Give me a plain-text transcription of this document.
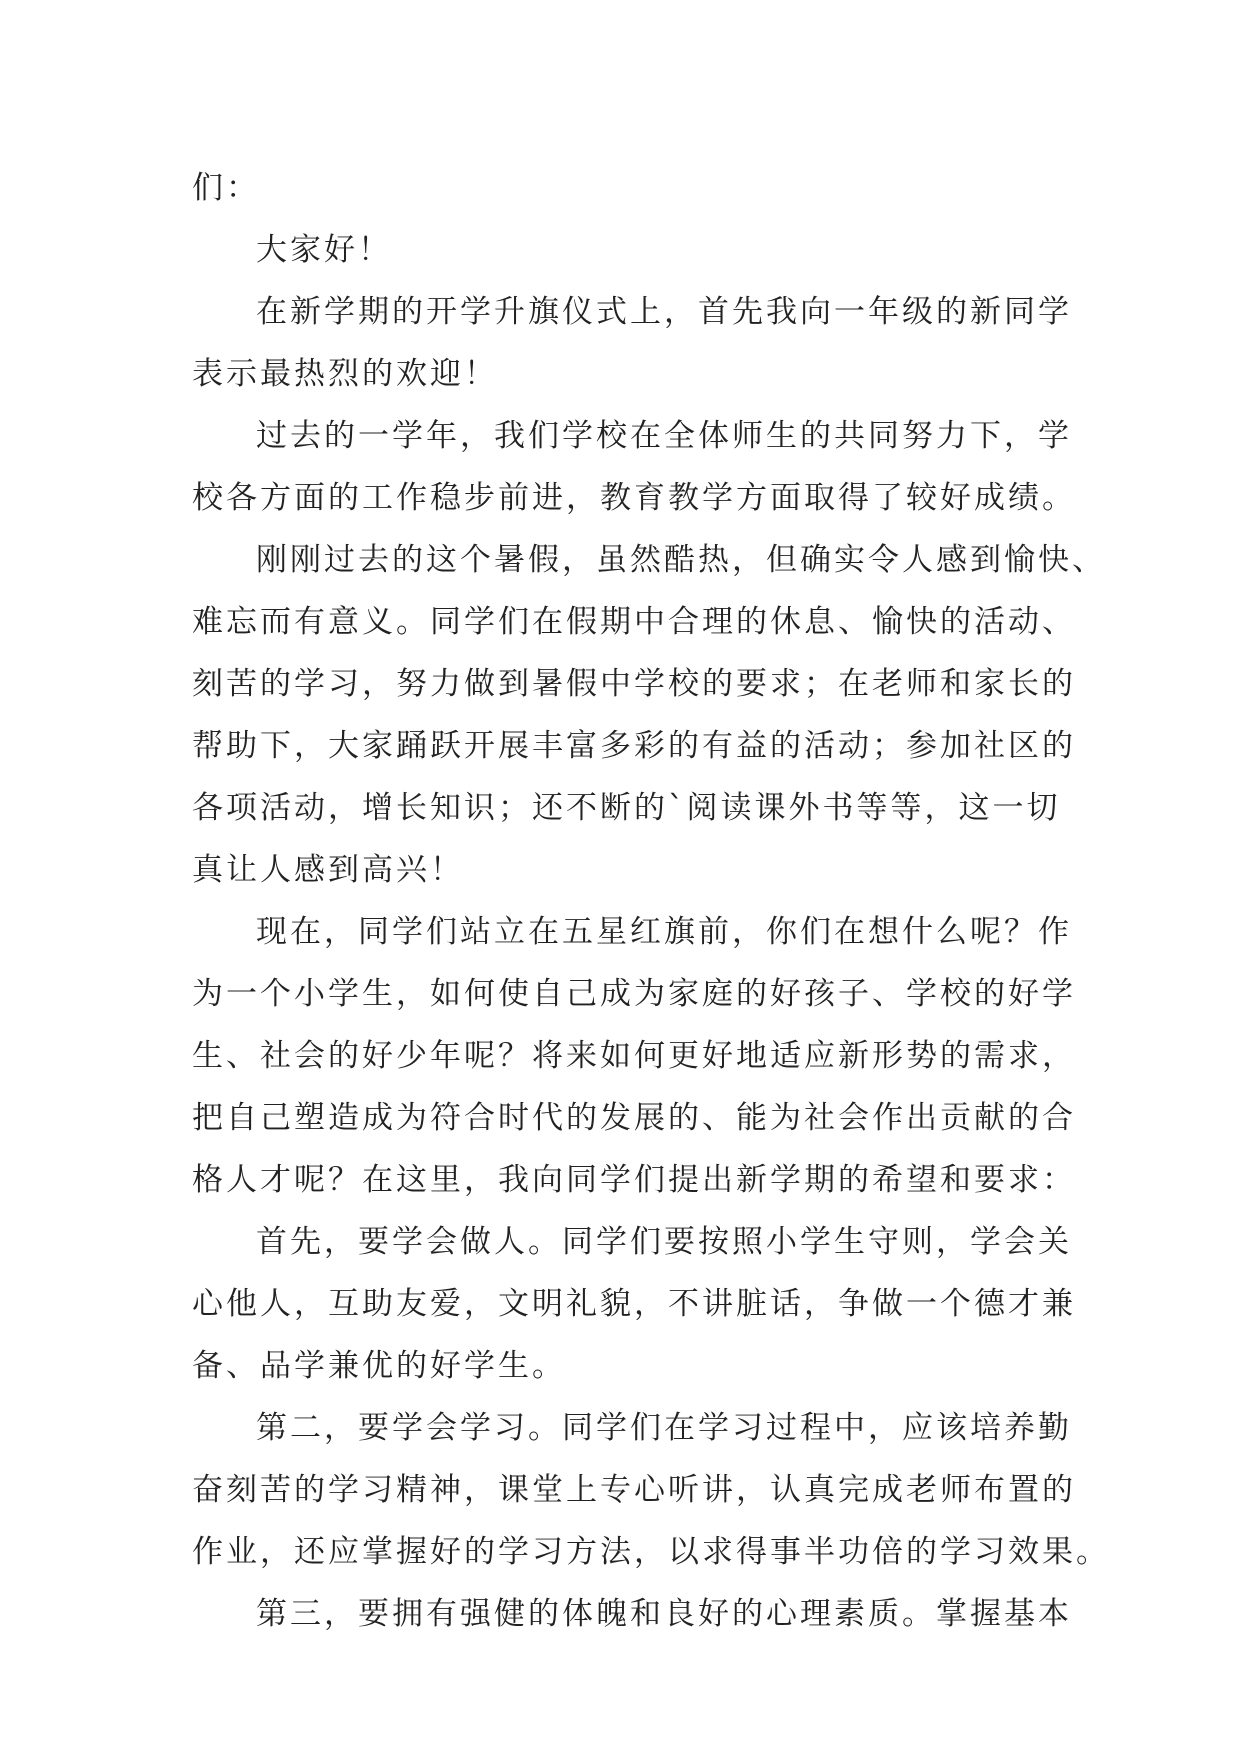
们：
大家好！
在新学期的开学升旗仪式上，首先我向一年级的新同学
表示最热烈的欢迎！
过去的一学年，我们学校在全体师生的共同努力下，学
校各方面的工作稳步前进，教育教学方面取得了较好成绩。
刚刚过去的这个暑假，虽然酷热，但确实令人感到愉快、
难忘而有意义。同学们在假期中合理的休息、愉快的活动、
刻苦的学习，努力做到暑假中学校的要求；在老师和家长的
帮助下，大家踊跃开展丰富多彩的有益的活动；参加社区的
各项活动，增长知识；还不断的`阅读课外书等等，这一切
真让人感到高兴！
现在，同学们站立在五星红旗前，你们在想什么呢？作
为一个小学生，如何使自己成为家庭的好孩子、学校的好学
生、社会的好少年呢？将来如何更好地适应新形势的需求，
把自己塑造成为符合时代的发展的、能为社会作出贡献的合
格人才呢？在这里，我向同学们提出新学期的希望和要求：
首先，要学会做人。同学们要按照小学生守则，学会关
心他人，互助友爱，文明礼貌，不讲脏话，争做一个德才兼
备、品学兼优的好学生。
第二，要学会学习。同学们在学习过程中，应该培养勤
奋刻苦的学习精神，课堂上专心听讲，认真完成老师布置的
作业，还应掌握好的学习方法，以求得事半功倍的学习效果。
第三，要拥有强健的体魄和良好的心理素质。掌握基本
